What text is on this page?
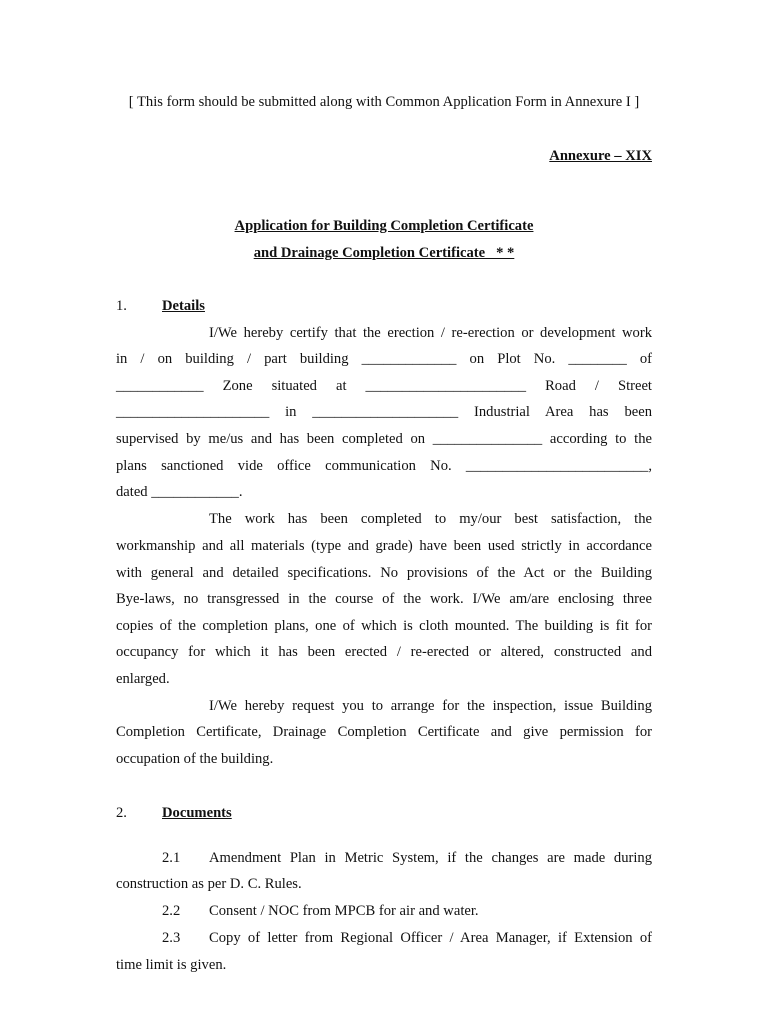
[ This form should be submitted along with Common Application Form in Annexure I ]
Annexure – XIX
Application for Building Completion Certificate
and Drainage Completion Certificate   * *
1. Details
I/We hereby certify that the erection / re-erection or development work
in / on building / part building _____________ on Plot No. ________ of
____________ Zone situated at ______________________ Road / Street
_____________________ in ____________________ Industrial Area has been
supervised by me/us and has been completed on _______________ according to the
plans sanctioned vide office communication No. _________________________,
dated ____________.
The work has been completed to my/our best satisfaction, the
workmanship and all materials (type and grade) have been used strictly in accordance
with general and detailed specifications. No provisions of the Act or the Building
Bye-laws, no transgressed in the course of the work. I/We am/are enclosing three
copies of the completion plans, one of which is cloth mounted. The building is fit for
occupancy for which it has been erected / re-erected or altered, constructed and
enlarged.
I/We hereby request you to arrange for the inspection, issue Building
Completion Certificate, Drainage Completion Certificate and give permission for
occupation of the building.
2. Documents
2.1 Amendment Plan in Metric System, if the changes are made during
construction as per D. C. Rules.
2.2 Consent / NOC from MPCB for air and water.
2.3 Copy of letter from Regional Officer / Area Manager, if Extension of
time limit is given.
